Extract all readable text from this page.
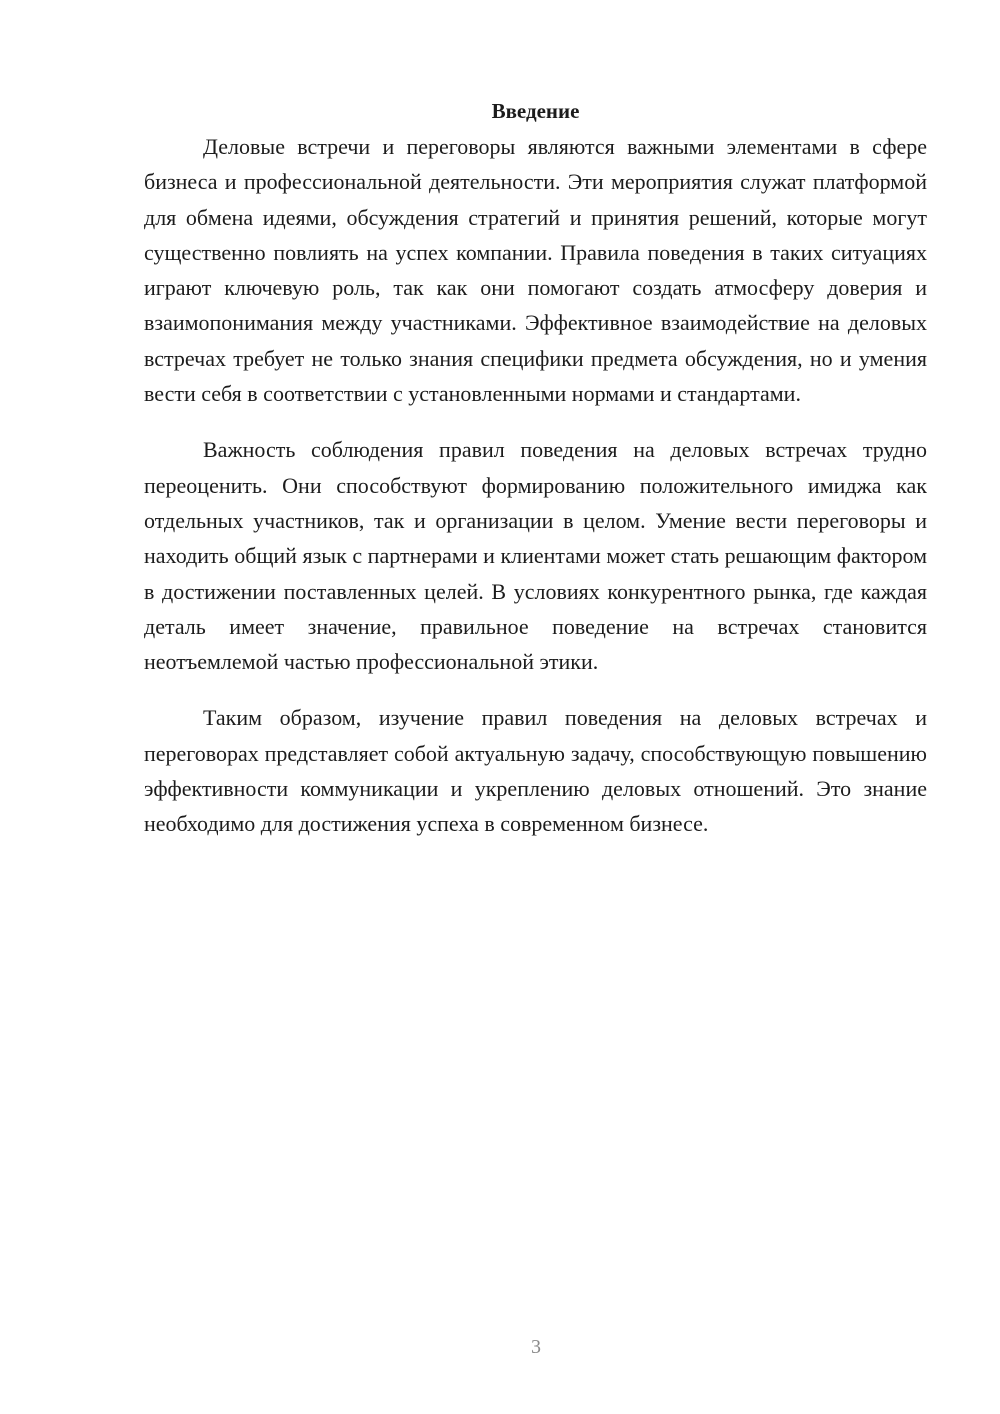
Введение

Деловые встречи и переговоры являются важными элементами в сфере бизнеса и профессиональной деятельности. Эти мероприятия служат платформой для обмена идеями, обсуждения стратегий и принятия решений, которые могут существенно повлиять на успех компании. Правила поведения в таких ситуациях играют ключевую роль, так как они помогают создать атмосферу доверия и взаимопонимания между участниками. Эффективное взаимодействие на деловых встречах требует не только знания специфики предмета обсуждения, но и умения вести себя в соответствии с установленными нормами и стандартами.

Важность соблюдения правил поведения на деловых встречах трудно переоценить. Они способствуют формированию положительного имиджа как отдельных участников, так и организации в целом. Умение вести переговоры и находить общий язык с партнерами и клиентами может стать решающим фактором в достижении поставленных целей. В условиях конкурентного рынка, где каждая деталь имеет значение, правильное поведение на встречах становится неотъемлемой частью профессиональной этики.

Таким образом, изучение правил поведения на деловых встречах и переговорах представляет собой актуальную задачу, способствующую повышению эффективности коммуникации и укреплению деловых отношений. Это знание необходимо для достижения успеха в современном бизнесе.

3
